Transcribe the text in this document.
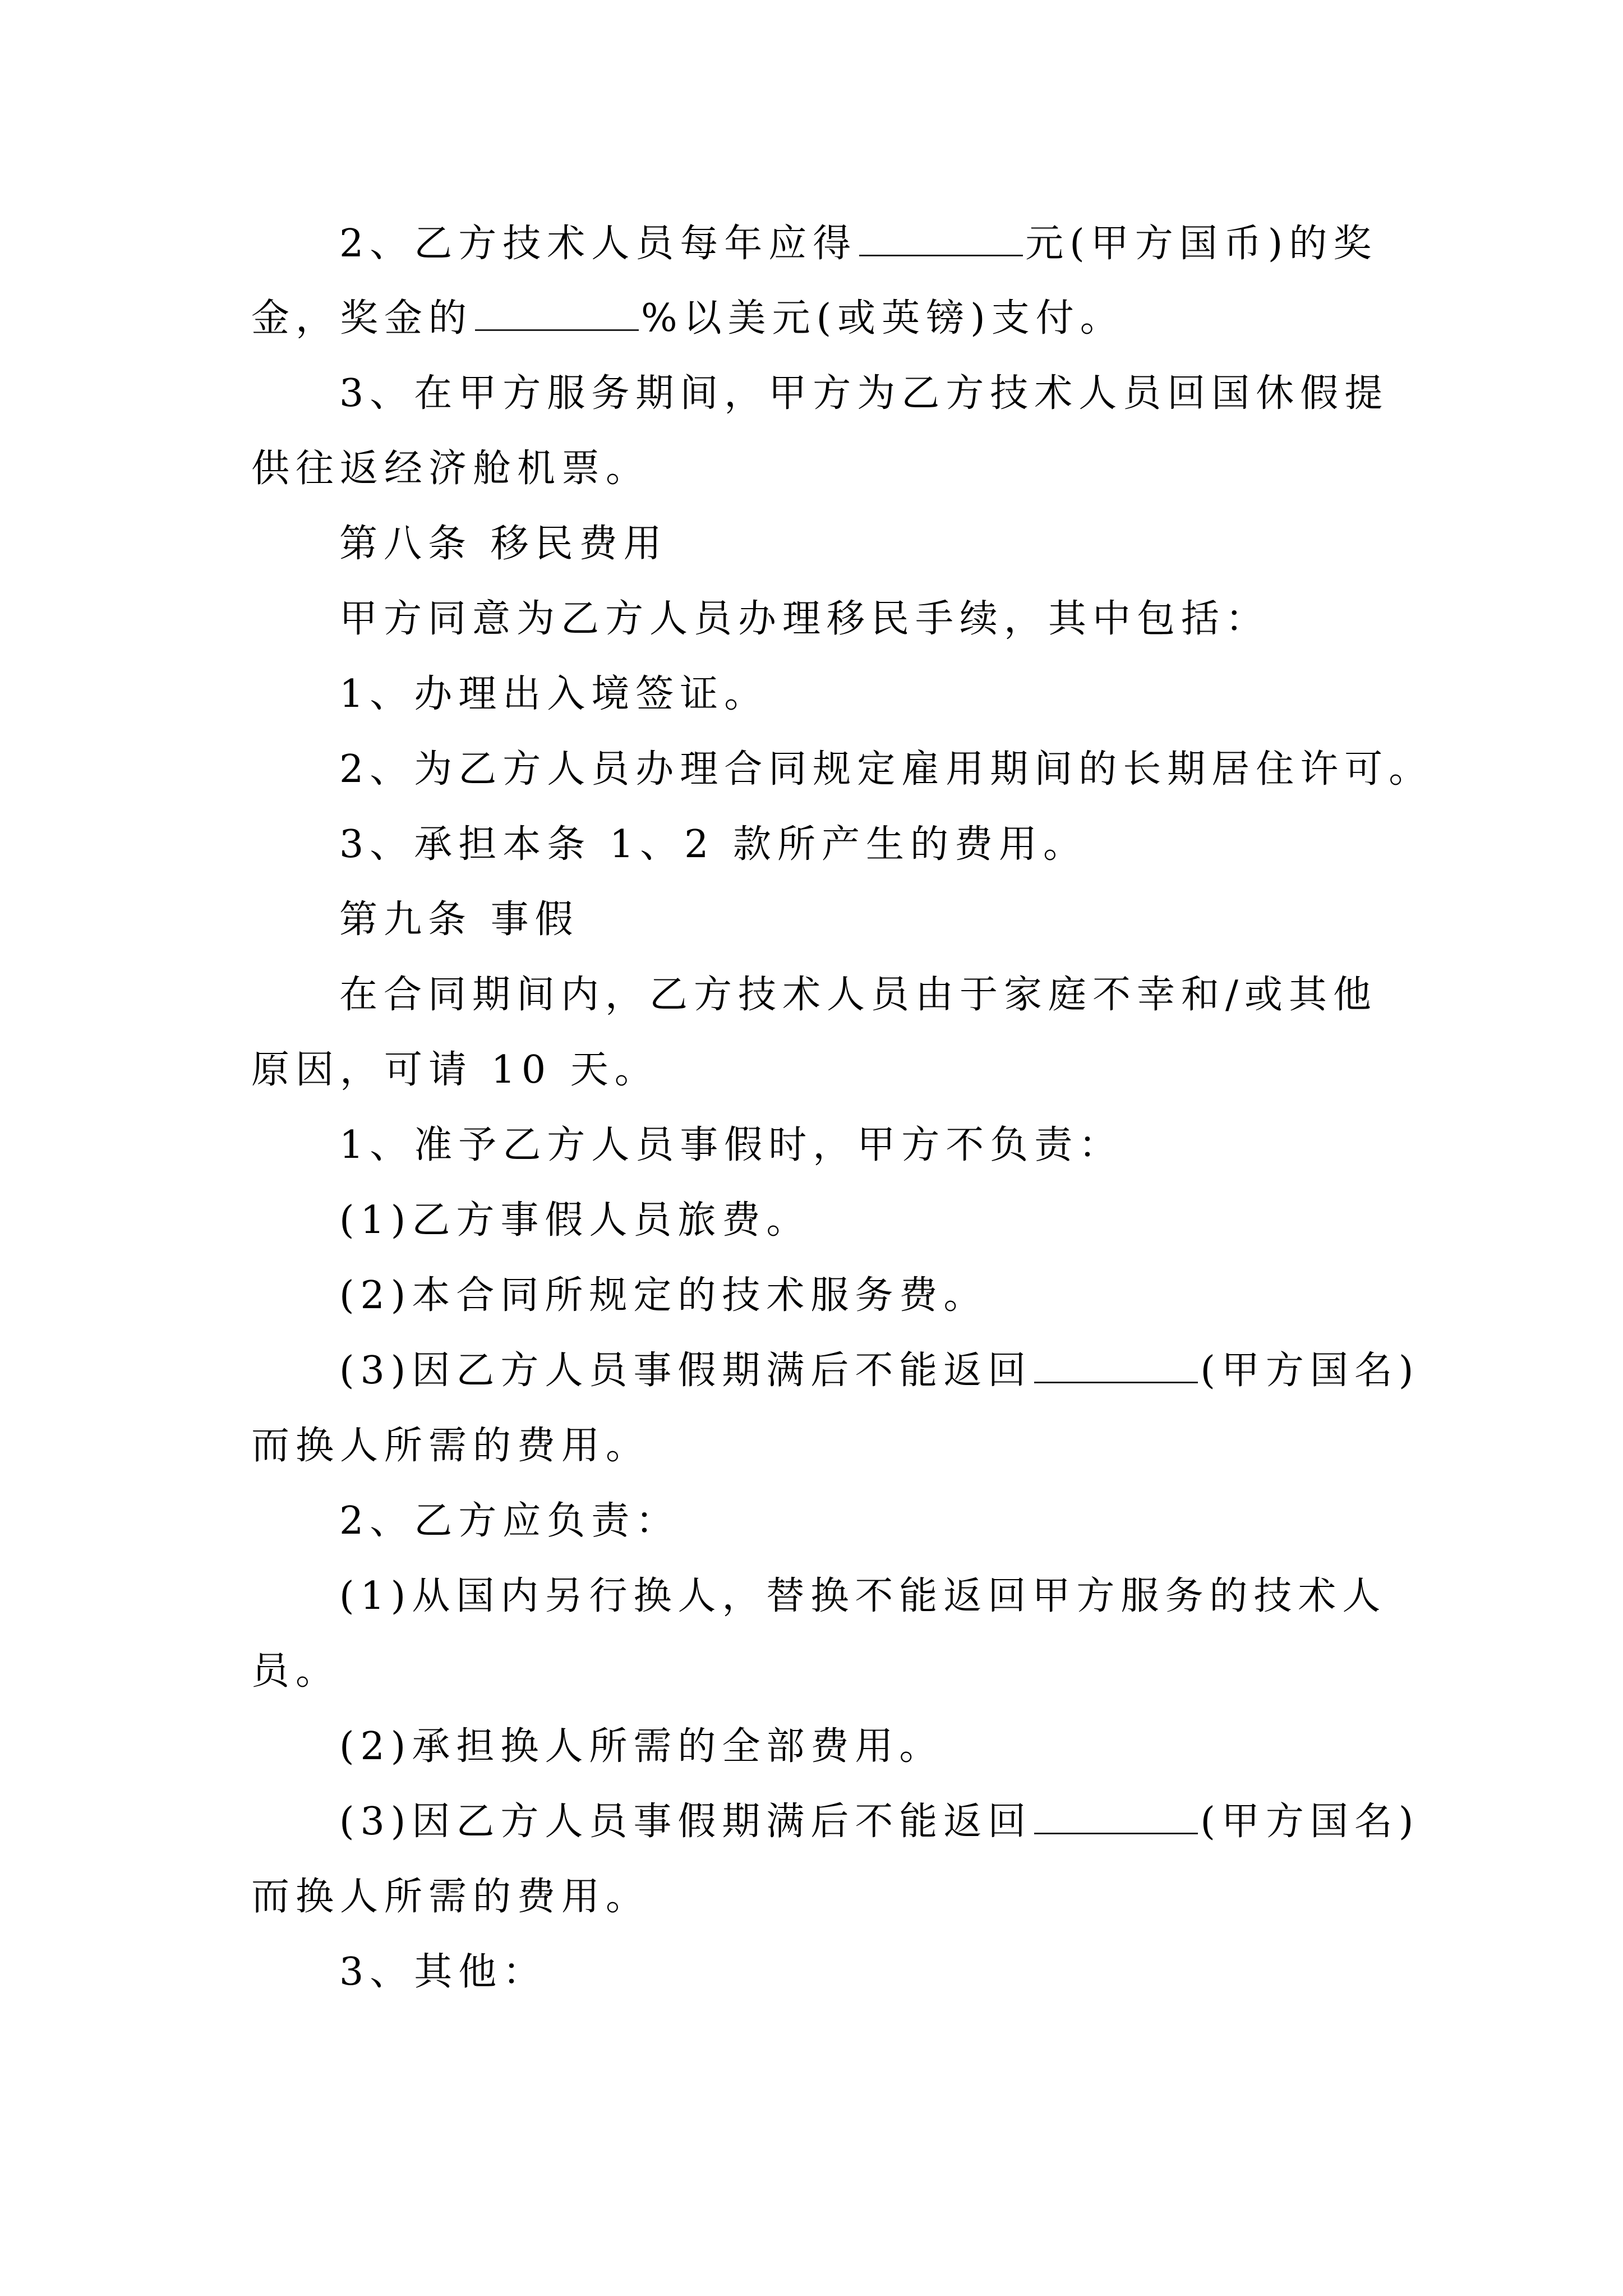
2、乙方技术人员每年应得	元(甲方国币)的奖
金，奖金的	%以美元(或英镑)支付。
3、在甲方服务期间，甲方为乙方技术人员回国休假提
供往返经济舱机票。
第八条 移民费用
甲方同意为乙方人员办理移民手续，其中包括：
1、办理出入境签证。
2、为乙方人员办理合同规定雇用期间的长期居住许可。
3、承担本条 1、2 款所产生的费用。
第九条 事假
在合同期间内，乙方技术人员由于家庭不幸和/或其他
原因，可请 10 天。
1、准予乙方人员事假时，甲方不负责：
(1)乙方事假人员旅费。
(2)本合同所规定的技术服务费。
(3)因乙方人员事假期满后不能返回	(甲方国名)
而换人所需的费用。
2、乙方应负责：
(1)从国内另行换人，替换不能返回甲方服务的技术人
员。
(2)承担换人所需的全部费用。
(3)因乙方人员事假期满后不能返回	(甲方国名)
而换人所需的费用。
3、其他：
